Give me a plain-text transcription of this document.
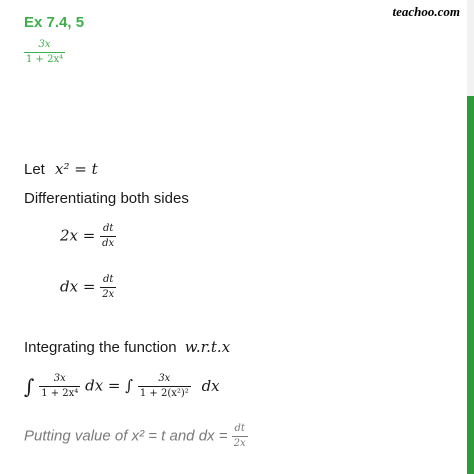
Ex 7.4, 5
teachoo.com
$\frac{3x}{\text{1 + 2x⁴}}$
Let x² = t
Differentiating both sides
$2x = \frac{dt}{dx}$
dx = $\frac{dt}{2x}$
Integrating the function w.r.t.x
∫ $\frac{3x}{\text{1 + 2x⁴}}$ dx = ∫ $\frac{3x}{\text{1 + 2(x²)²}}$ dx
Putting value of x² = t and dx = $\frac{dt}{2x}$
